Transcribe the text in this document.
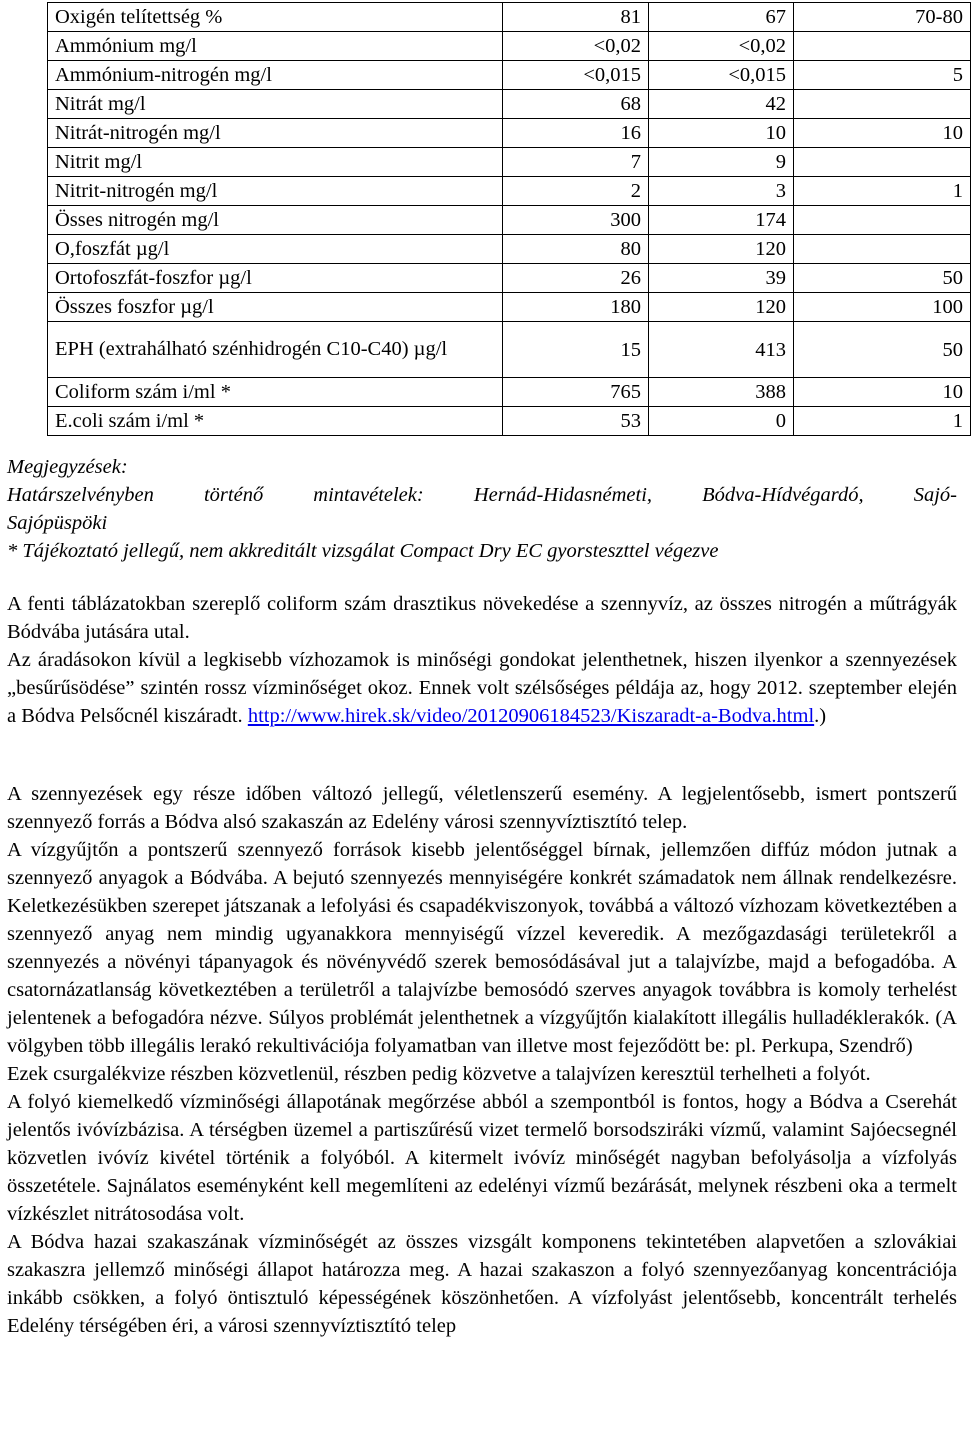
Oxigén telítettség %	81	67	70-80
Ammónium mg/l	<0,02	<0,02	
Ammónium-nitrogén mg/l	<0,015	<0,015	5
Nitrát mg/l	68	42	
Nitrát-nitrogén mg/l	16	10	10
Nitrit mg/l	7	9	
Nitrit-nitrogén mg/l	2	3	1
Össes nitrogén mg/l	300	174	
O,foszfát µg/l	80	120	
Ortofoszfát-foszfor µg/l	26	39	50
Összes foszfor µg/l	180	120	100
EPH (extrahálható szénhidrogén C10-C40) µg/l	15	413	50
Coliform szám i/ml *	765	388	10
E.coli szám i/ml *	53	0	1

Megjegyzések:

Határszelvényben történő mintavételek: Hernád-Hidasnémeti, Bódva-Hídvégardó, Sajó-

Sajópüspöki

* Tájékoztató jellegű, nem akkreditált vizsgálat Compact Dry EC gyorsteszttel végezve

A fenti táblázatokban szereplő coliform szám drasztikus növekedése a szennyvíz, az összes nitrogén a műtrágyák Bódvába jutására utal.

Az áradásokon kívül a legkisebb vízhozamok is minőségi gondokat jelenthetnek, hiszen ilyenkor a szennyezések „besűrűsödése” szintén rossz vízminőséget okoz. Ennek volt szélsőséges példája az, hogy 2012. szeptember elején a Bódva Pelsőcnél kiszáradt. http://www.hirek.sk/video/20120906184523/Kiszaradt-a-Bodva.html.)

A szennyezések egy része időben változó jellegű, véletlenszerű esemény. A legjelentősebb, ismert pontszerű szennyező forrás a Bódva alsó szakaszán az Edelény városi szennyvíztisztító telep.

A vízgyűjtőn a pontszerű szennyező források kisebb jelentőséggel bírnak, jellemzően diffúz módon jutnak a szennyező anyagok a Bódvába. A bejutó szennyezés mennyiségére konkrét számadatok nem állnak rendelkezésre. Keletkezésükben szerepet játszanak a lefolyási és csapadékviszonyok, továbbá a változó vízhozam következtében a szennyező anyag nem mindig ugyanakkora mennyiségű vízzel keveredik. A mezőgazdasági területekről a szennyezés a növényi tápanyagok és növényvédő szerek bemosódásával jut a talajvízbe, majd a befogadóba. A csatornázatlanság következtében a területről a talajvízbe bemosódó szerves anyagok továbbra is komoly terhelést jelentenek a befogadóra nézve. Súlyos problémát jelenthetnek a vízgyűjtőn kialakított illegális hulladéklerakók. (A völgyben több illegális lerakó rekultivációja folyamatban van illetve most fejeződött be: pl. Perkupa, Szendrő)

Ezek csurgalékvize részben közvetlenül, részben pedig közvetve a talajvízen keresztül terhelheti a folyót.

A folyó kiemelkedő vízminőségi állapotának megőrzése abból a szempontból is fontos, hogy a Bódva a Cserehát jelentős ivóvízbázisa. A térségben üzemel a partiszűrésű vizet termelő borsodsziráki vízmű, valamint Sajóecsegnél közvetlen ivóvíz kivétel történik a folyóból. A kitermelt ivóvíz minőségét nagyban befolyásolja a vízfolyás összetétele. Sajnálatos eseményként kell megemlíteni az edelényi vízmű bezárását, melynek részbeni oka a termelt vízkészlet nitrátosodása volt.

A Bódva hazai szakaszának vízminőségét az összes vizsgált komponens tekintetében alapvetően a szlovákiai szakaszra jellemző minőségi állapot határozza meg. A hazai szakaszon a folyó szennyezőanyag koncentrációja inkább csökken, a folyó öntisztuló képességének köszönhetően. A vízfolyást jelentősebb, koncentrált terhelés Edelény térségében éri, a városi szennyvíztisztító telep
